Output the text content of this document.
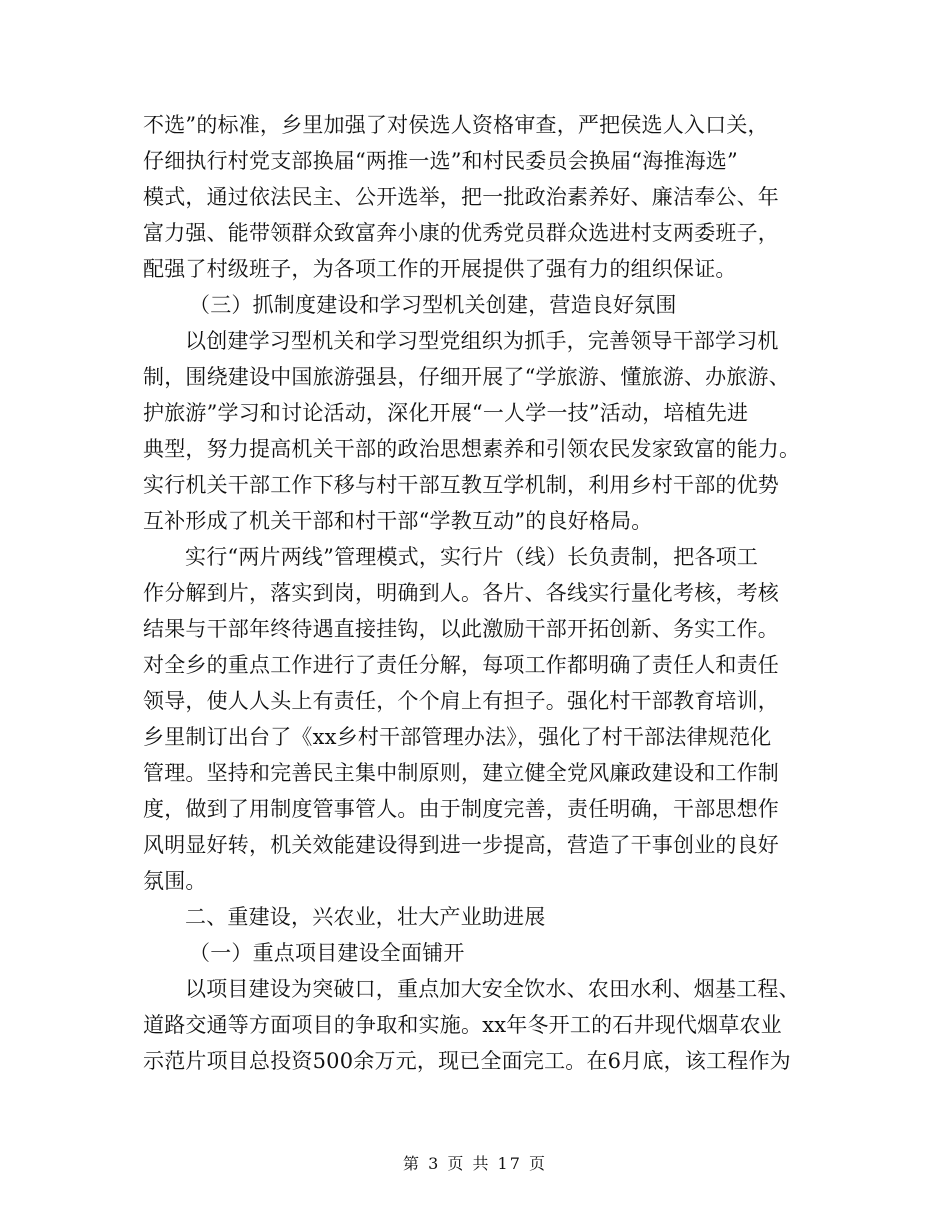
不选”的标准，乡里加强了对侯选人资格审查，严把侯选人入口关，
仔细执行村党支部换届“两推一选”和村民委员会换届“海推海选”
模式，通过依法民主、公开选举，把一批政治素养好、廉洁奉公、年
富力强、能带领群众致富奔小康的优秀党员群众选进村支两委班子，
配强了村级班子，为各项工作的开展提供了强有力的组织保证。
（三）抓制度建设和学习型机关创建，营造良好氛围
以创建学习型机关和学习型党组织为抓手，完善领导干部学习机
制，围绕建设中国旅游强县，仔细开展了“学旅游、懂旅游、办旅游、
护旅游”学习和讨论活动，深化开展“一人学一技”活动，培植先进
典型，努力提高机关干部的政治思想素养和引领农民发家致富的能力。
实行机关干部工作下移与村干部互教互学机制，利用乡村干部的优势
互补形成了机关干部和村干部“学教互动”的良好格局。
实行“两片两线”管理模式，实行片（线）长负责制，把各项工
作分解到片，落实到岗，明确到人。各片、各线实行量化考核，考核
结果与干部年终待遇直接挂钩，以此激励干部开拓创新、务实工作。
对全乡的重点工作进行了责任分解，每项工作都明确了责任人和责任
领导，使人人头上有责任，个个肩上有担子。强化村干部教育培训，
乡里制订出台了《xx乡村干部管理办法》，强化了村干部法律规范化
管理。坚持和完善民主集中制原则，建立健全党风廉政建设和工作制
度，做到了用制度管事管人。由于制度完善，责任明确，干部思想作
风明显好转，机关效能建设得到进一步提高，营造了干事创业的良好
氛围。
二、重建设，兴农业，壮大产业助进展
（一）重点项目建设全面铺开
以项目建设为突破口，重点加大安全饮水、农田水利、烟基工程、
道路交通等方面项目的争取和实施。xx年冬开工的石井现代烟草农业
示范片项目总投资500余万元，现已全面完工。在6月底，该工程作为
第 3 页 共 17 页
